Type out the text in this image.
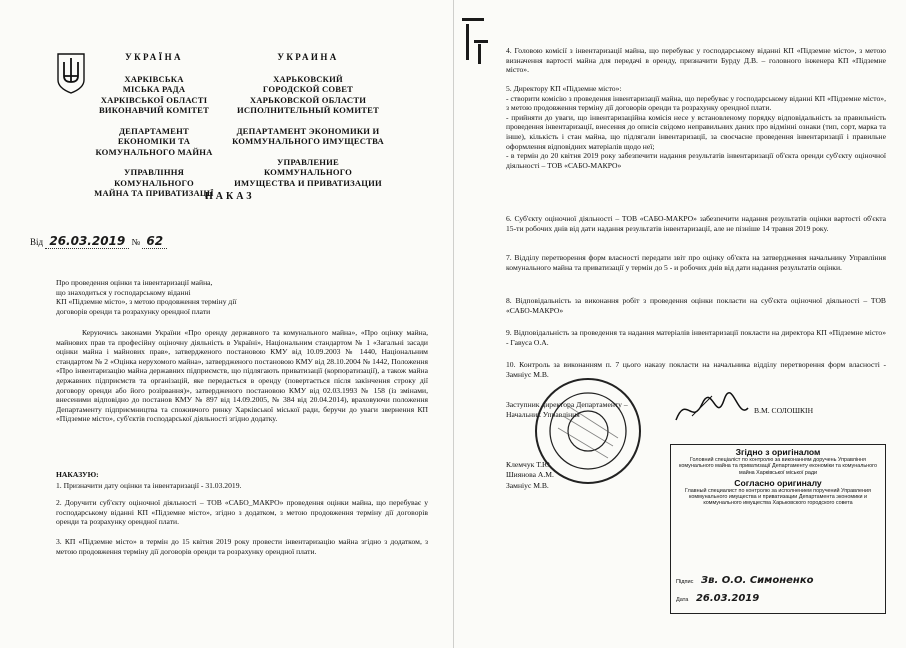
УКРАЇНА
ХАРКІВСЬКА
МІСЬКА РАДА
ХАРКІВСЬКОЇ ОБЛАСТІ
ВИКОНАВЧИЙ КОМІТЕТ
ДЕПАРТАМЕНТ ЕКОНОМІКИ ТА
КОМУНАЛЬНОГО МАЙНА
УПРАВЛІННЯ КОМУНАЛЬНОГО
МАЙНА ТА ПРИВАТИЗАЦІЇ
УКРАИНА
ХАРЬКОВСКИЙ
ГОРОДСКОЙ СОВЕТ
ХАРЬКОВСКОЙ ОБЛАСТИ
ИСПОЛНИТЕЛЬНЫЙ КОМИТЕТ
ДЕПАРТАМЕНТ ЭКОНОМИКИ И
КОММУНАЛЬНОГО ИМУЩЕСТВА
УПРАВЛЕНИЕ КОММУНАЛЬНОГО
ИМУЩЕСТВА И ПРИВАТИЗАЦИИ
НАКАЗ
Від 26.03.2019 № 62
Про проведення оцінки та інвентаризації майна,
що знаходиться у господарському віданні
КП «Підземне місто», з метою продовження терміну дії
договорів оренди та розрахунку орендної плати
Керуючись законами України «Про оренду державного та комунального майна», «Про оцінку майна, майнових прав та професійну оціночну діяльність в Україні», Національним стандартом № 1 «Загальні засади оцінки майна і майнових прав», затвердженого постановою КМУ від 10.09.2003 № 1440, Національним стандартом № 2 «Оцінка нерухомого майна», затвердженого постановою КМУ від 28.10.2004 № 1442, Положення «Про інвентаризацію майна державних підприємств, що підлягають приватизації (корпоратизації), а також майна державних підприємств та організацій, яке передається в оренду (повертається після закінчення строку дії договору оренди або його розірвання)», затвердженого постановою КМУ від 02.03.1993 № 158 (із змінами, внесеними відповідно до постанов КМУ № 897 від 14.09.2005, № 384 від 20.04.2014), враховуючи положення Департаменту підприємництва та споживчого ринку Харківської міської ради, беручи до уваги звернення КП «Підземне місто», суб'єктів господарської діяльності згідно додатку.
НАКАЗУЮ:
1. Призначити дату оцінки та інвентаризації - 31.03.2019.
2. Доручити суб'єкту оціночної діяльності – ТОВ «САБО_МАКРО» проведення оцінки майна, що перебуває у господарському віданні КП «Підземне місто», згідно з додатком, з метою продовження терміну дії договорів оренди та розрахунку орендної плати.
3. КП «Підземне місто» в термін до 15 квітня 2019 року провести інвентаризацію майна згідно з додатком, з метою продовження терміну дії договорів оренди та розрахунку орендної плати.
4. Головою комісії з інвентаризації майна, що перебуває у господарському віданні КП «Підземне місто», з метою визначення вартості майна для передачі в оренду, призначити Бурду Д.В. – головного інженера КП «Підземне місто».
5. Директору КП «Підземне місто»:
- створити комісію з проведення інвентаризації майна, що перебуває у господарському віданні КП «Підземне місто», з метою продовження терміну дії договорів оренди та розрахунку орендної плати.
- прийняти до уваги, що інвентаризаційна комісія несе у встановленому порядку відповідальність за правильність проведення інвентаризації, внесення до описів свідомо неправильних даних про відмінні ознаки (тип, сорт, марка та інше), кількість і стан майна, що підлягали інвентаризації, за своєчасне проведення інвентаризації і правильне оформлення відповідних матеріалів щодо неї;
- в термін до 20 квітня 2019 року забезпечити надання результатів інвентаризації об'єкта оренди суб'єкту оціночної діяльності – ТОВ «САБО-МАКРО»
6. Суб'єкту оціночної діяльності – ТОВ «САБО-МАКРО» забезпечити надання результатів оцінки вартості об'єкта 15-ти робочих днів від дати надання результатів інвентаризації, але не пізніше 14 травня 2019 року.
7. Відділу перетворення форм власності передати звіт про оцінку об'єкта на затвердження начальнику Управління комунального майна та приватизації у термін до 5 - и робочих днів від дати надання результатів оцінки.
8. Відповідальність за виконання робіт з проведення оцінки покласти на суб'єкта оціночної діяльності – ТОВ «САБО-МАКРО»
9. Відповідальність за проведення та надання матеріалів інвентаризації покласти на директора КП «Підземне місто» - Гавуса О.А.
10. Контроль за виконанням п. 7 цього наказу покласти на начальника відділу перетворення форм власності - Замніус М.В.
Заступник директора Департаменту –
Начальник Управління	В.М. СОЛОШКІН
Клемчук Т.Ю.
Шиянова А.М.
Замніус М.В.
Згідно з оригіналом
Головний спеціаліст по контролю за виконанням доручень Управління комунального майна та приватизації Департаменту економіки та комунального майна Харківської міської ради
Согласно оригиналу
Главный специалист по контролю за исполнением поручений Управления коммунального имущества и приватизации Департамента экономики и коммунального имущества Харьковского городского совета
Підпис Зв. О.О. Симоненко
Дата 26.03.2019
